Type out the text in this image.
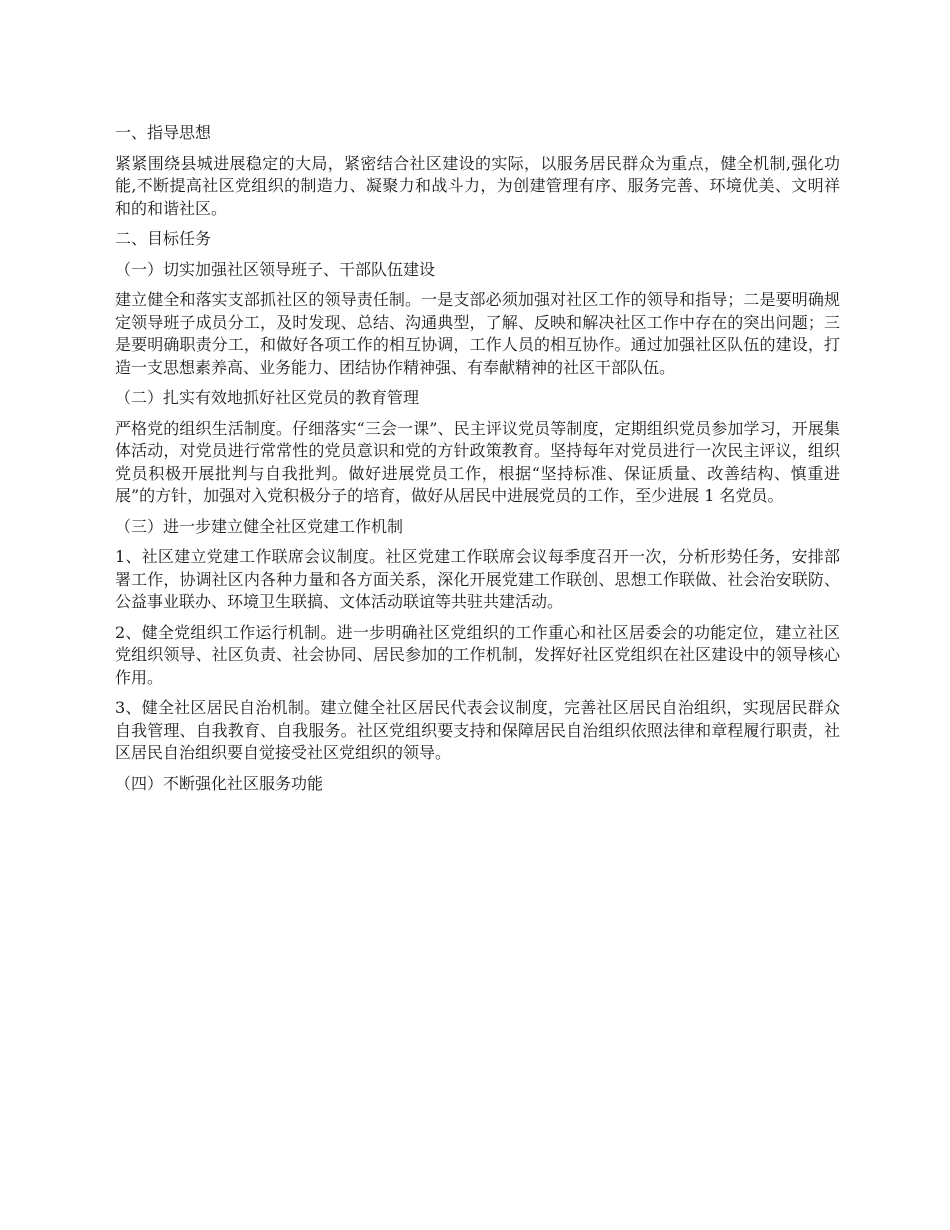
一、指导思想

紧紧围绕县城进展稳定的大局，紧密结合社区建设的实际，以服务居民群众为重点，健全机制,强化功能,不断提高社区党组织的制造力、凝聚力和战斗力，为创建管理有序、服务完善、环境优美、文明祥和的和谐社区。

二、目标任务
（一）切实加强社区领导班子、干部队伍建设

建立健全和落实支部抓社区的领导责任制。一是支部必须加强对社区工作的领导和指导；二是要明确规定领导班子成员分工，及时发现、总结、沟通典型，了解、反映和解决社区工作中存在的突出问题；三是要明确职责分工，和做好各项工作的相互协调，工作人员的相互协作。通过加强社区队伍的建设，打造一支思想素养高、业务能力、团结协作精神强、有奉献精神的社区干部队伍。

（二）扎实有效地抓好社区党员的教育管理

严格党的组织生活制度。仔细落实“三会一课”、民主评议党员等制度，定期组织党员参加学习，开展集体活动，对党员进行常常性的党员意识和党的方针政策教育。坚持每年对党员进行一次民主评议，组织党员积极开展批判与自我批判。做好进展党员工作，根据“坚持标准、保证质量、改善结构、慎重进展”的方针，加强对入党积极分子的培育，做好从居民中进展党员的工作，至少进展 1 名党员。

（三）进一步建立健全社区党建工作机制

1、社区建立党建工作联席会议制度。社区党建工作联席会议每季度召开一次，分析形势任务，安排部署工作，协调社区内各种力量和各方面关系，深化开展党建工作联创、思想工作联做、社会治安联防、公益事业联办、环境卫生联搞、文体活动联谊等共驻共建活动。

2、健全党组织工作运行机制。进一步明确社区党组织的工作重心和社区居委会的功能定位，建立社区党组织领导、社区负责、社会协同、居民参加的工作机制，发挥好社区党组织在社区建设中的领导核心作用。

3、健全社区居民自治机制。建立健全社区居民代表会议制度，完善社区居民自治组织，实现居民群众自我管理、自我教育、自我服务。社区党组织要支持和保障居民自治组织依照法律和章程履行职责，社区居民自治组织要自觉接受社区党组织的领导。

（四）不断强化社区服务功能
